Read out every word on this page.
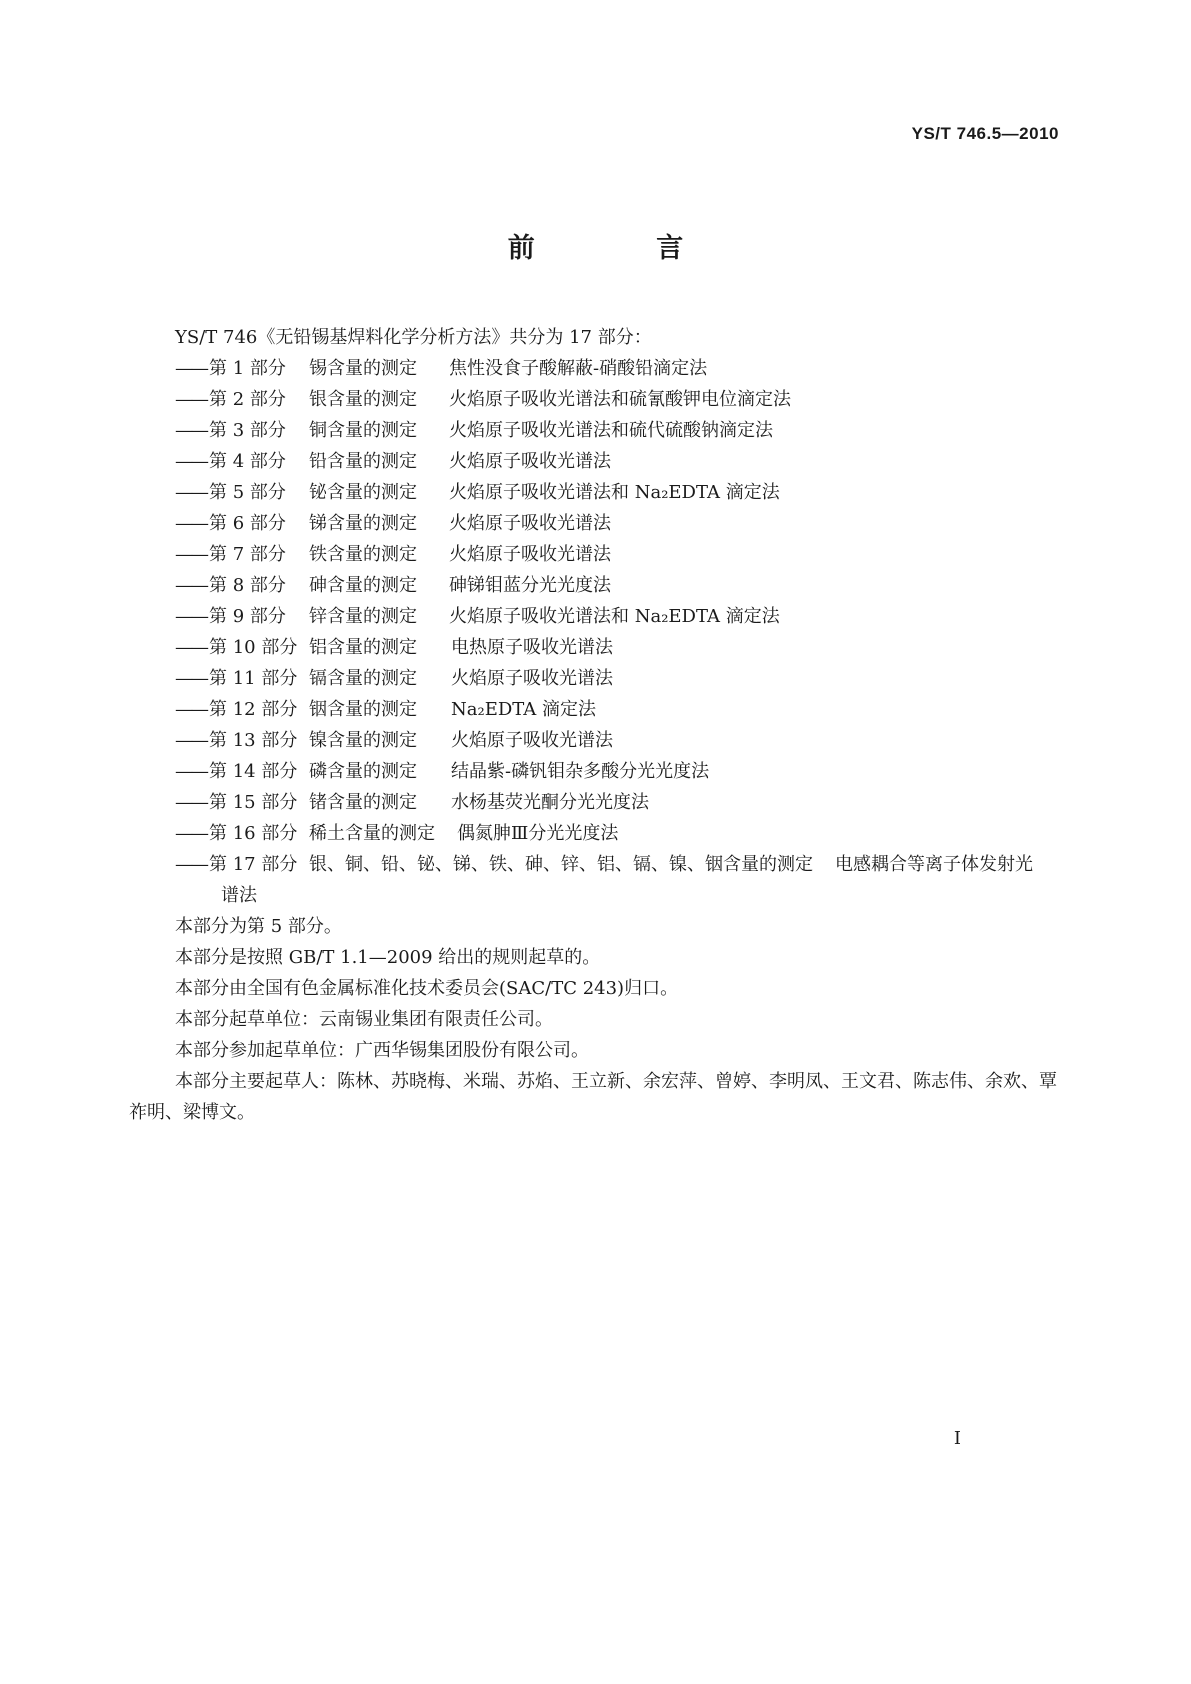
YS/T 746.5—2010
前 言
YS/T 746《无铅锡基焊料化学分析方法》共分为 17 部分：
—— 第 1 部分	锡含量的测定	焦性没食子酸解蔽-硝酸铅滴定法
—— 第 2 部分	银含量的测定	火焰原子吸收光谱法和硫氰酸钾电位滴定法
—— 第 3 部分	铜含量的测定	火焰原子吸收光谱法和硫代硫酸钠滴定法
—— 第 4 部分	铅含量的测定	火焰原子吸收光谱法
—— 第 5 部分	铋含量的测定	火焰原子吸收光谱法和 Na₂EDTA 滴定法
—— 第 6 部分	锑含量的测定	火焰原子吸收光谱法
—— 第 7 部分	铁含量的测定	火焰原子吸收光谱法
—— 第 8 部分	砷含量的测定	砷锑钼蓝分光光度法
—— 第 9 部分	锌含量的测定	火焰原子吸收光谱法和 Na₂EDTA 滴定法
—— 第 10 部分 铝含量的测定	电热原子吸收光谱法
—— 第 11 部分 镉含量的测定	火焰原子吸收光谱法
—— 第 12 部分 铟含量的测定	Na₂EDTA 滴定法
—— 第 13 部分 镍含量的测定	火焰原子吸收光谱法
—— 第 14 部分 磷含量的测定	结晶紫-磷钒钼杂多酸分光光度法
—— 第 15 部分 锗含量的测定	水杨基荧光酮分光光度法
—— 第 16 部分 稀土含量的测定 偶氮胂Ⅲ分光光度法
—— 第 17 部分 银、铜、铅、铋、锑、铁、砷、锌、铝、镉、镍、铟含量的测定 电感耦合等离子体发射光
谱法
本部分为第 5 部分。
本部分是按照 GB/T 1.1—2009 给出的规则起草的。
本部分由全国有色金属标准化技术委员会(SAC/TC 243)归口。
本部分起草单位：云南锡业集团有限责任公司。
本部分参加起草单位：广西华锡集团股份有限公司。
本部分主要起草人：陈林、苏晓梅、米瑞、苏焰、王立新、余宏萍、曾婷、李明凤、王文君、陈志伟、余欢、覃祚明、梁博文。
I
